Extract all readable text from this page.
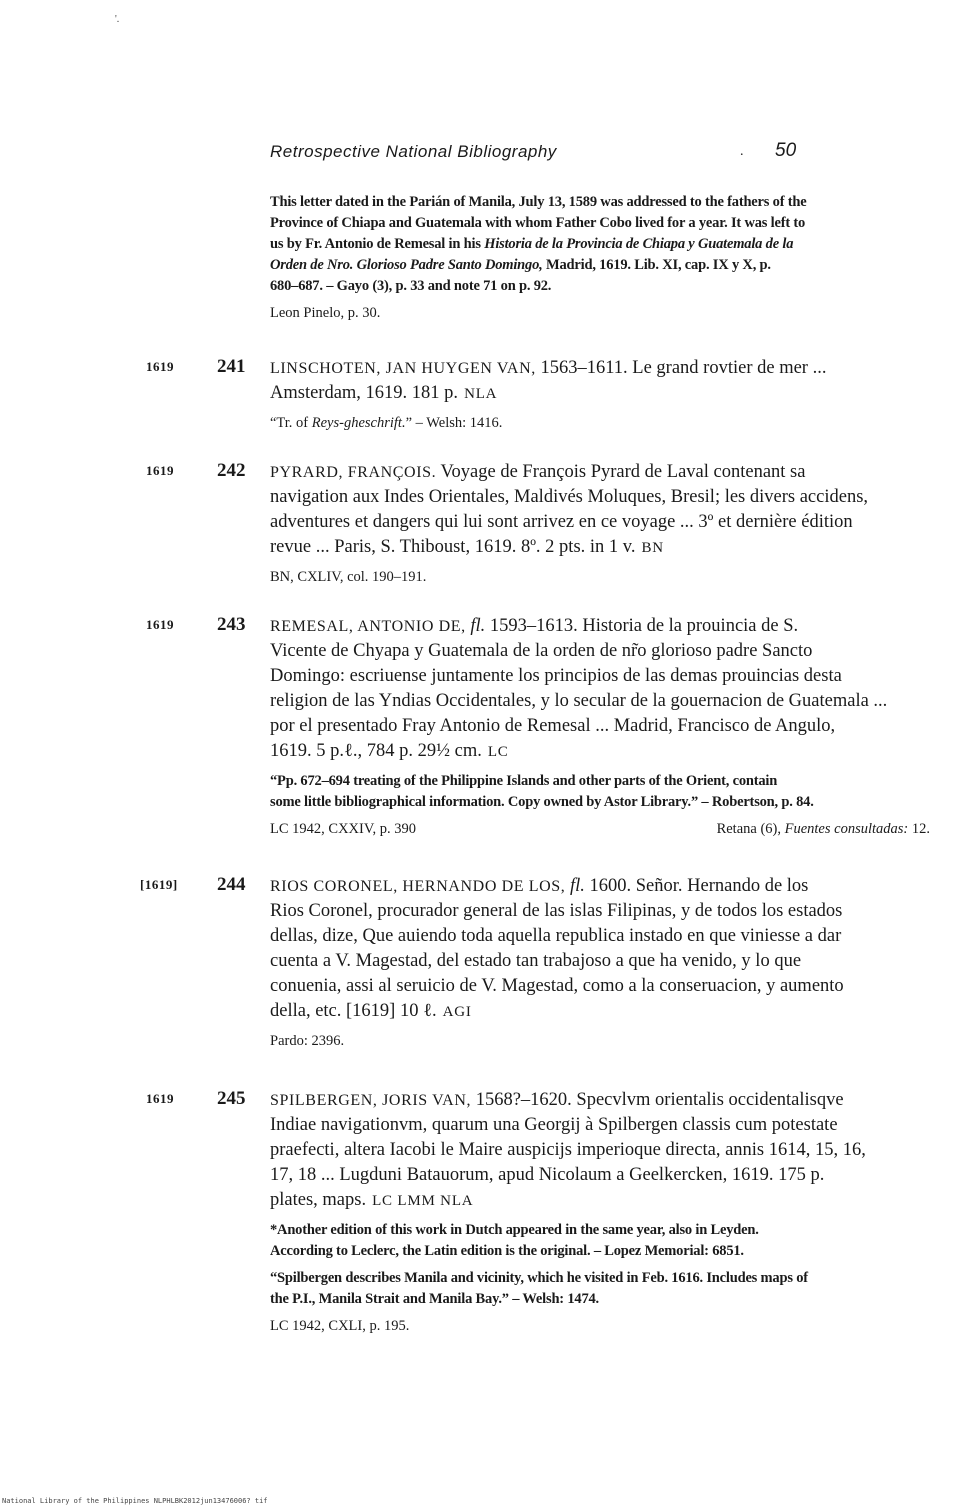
'.
Retrospective National Bibliography	. 50
This letter dated in the Parián of Manila, July 13, 1589 was addressed to the fathers of the
Province of Chiapa and Guatemala with whom Father Cobo lived for a year. It was left to
us by Fr. Antonio de Remesal in his Historia de la Provincia de Chiapa y Guatemala de la
Orden de Nro. Glorioso Padre Santo Domingo, Madrid, 1619. Lib. XI, cap. IX y X, p.
680–687. – Gayo (3), p. 33 and note 71 on p. 92.
Leon Pinelo, p. 30.
1619 241 LINSCHOTEN, JAN HUYGEN VAN, 1563–1611. Le grand rovtier de mer ...
Amsterdam, 1619. 181 p. NLA
“Tr. of Reys-gheschrift.” – Welsh: 1416.
1619 242 PYRARD, FRANÇOIS. Voyage de François Pyrard de Laval contenant sa
navigation aux Indes Orientales, Maldivés Moluques, Bresil; les divers accidens,
adventures et dangers qui lui sont arrivez en ce voyage ... 3º et dernière édition
revue ... Paris, S. Thiboust, 1619. 8º. 2 pts. in 1 v. BN
BN, CXLIV, col. 190–191.
1619 243 REMESAL, ANTONIO DE, fl. 1593–1613. Historia de la prouincia de S.
Vicente de Chyapa y Guatemala de la orden de nr̃o glorioso padre Sancto
Domingo: escriuense juntamente los principios de las demas prouincias desta
religion de las Yndias Occidentales, y lo secular de la gouernacion de Guatemala ...
por el presentado Fray Antonio de Remesal ... Madrid, Francisco de Angulo,
1619. 5 p.ℓ., 784 p. 29½ cm. LC
“Pp. 672–694 treating of the Philippine Islands and other parts of the Orient, contain
some little bibliographical information. Copy owned by Astor Library.” – Robertson, p. 84.
LC 1942, CXXIV, p. 390	Retana (6), Fuentes consultadas: 12.
[1619] 244 RIOS CORONEL, HERNANDO DE LOS, fl. 1600. Señor. Hernando de los
Rios Coronel, procurador general de las islas Filipinas, y de todos los estados
dellas, dize, Que auiendo toda aquella republica instado en que viniesse a dar
cuenta a V. Magestad, del estado tan trabajoso a que ha venido, y lo que
conuenia, assi al seruicio de V. Magestad, como a la conseruacion, y aumento
della, etc. [1619] 10 ℓ. AGI
Pardo: 2396.
1619 245 SPILBERGEN, JORIS VAN, 1568?–1620. Specvlvm orientalis occidentalisqve
Indiae navigationvm, quarum una Georgij à Spilbergen classis cum potestate
praefecti, altera Iacobi le Maire auspicijs imperioque directa, annis 1614, 15, 16,
17, 18 ... Lugduni Batauorum, apud Nicolaum a Geelkercken, 1619. 175 p.
plates, maps. LC LMM NLA
*Another edition of this work in Dutch appeared in the same year, also in Leyden.
According to Leclerc, the Latin edition is the original. – Lopez Memorial: 6851.
“Spilbergen describes Manila and vicinity, which he visited in Feb. 1616. Includes maps of
the P.I., Manila Strait and Manila Bay.” – Welsh: 1474.
LC 1942, CXLI, p. 195.
National Library of the Philippines NLPHLBK2012jun13476006? tif
